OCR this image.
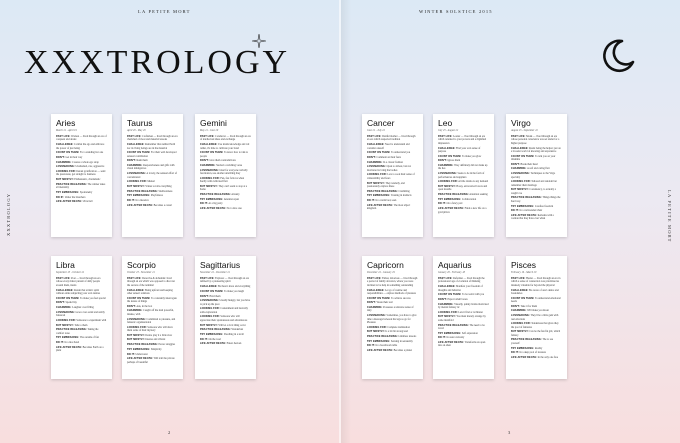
LA PETITE MORT	WINTER SOLSTICE 2015
XXXTROLOGY
XXXTROLOGY	LA PETITE MORT
2	3
Aries
March 21 - April 19
PAST LIFE: Women — lived through an era of conquest and desire
CHALLENGE: Combat the ego and embrace the power of just being
COUNT ON THEM: For a standing hot one
DON'T: Get in their way
CHARMING: Creates a whole ego strap
LOVEMAKING: Unabashed, raw, aggressive
LOOKING FOR: Instant gratification — send the passionate, get straight to business
BUT MOSTLY: Enthusiastic, charismatic
PRACTICE RELEASING: The winner takes all mentality
TRY EMBRACING: Spontaneity
DO IF: Under the bleachers
LIFE AFTER DEATH: Ultra hell
Taurus
April 20 - May 20
PAST LIFE: Craftsman — lived through an era cherished of most and material lessons
CHALLENGE: Remember that neither Earth nor its living beings are in the material
COUNT ON THEM: For their well developed sensual contribution
DON'T: Rush them
CHARMING: Responsiveness and gifts with visual indulgences
LOVEMAKING: A lovely, the sensual effort of concentrated
LOOKING FOR: Mutual
BUT MOSTLY: Winter scrolls everything
PRACTICE RELEASING: Stubbornness
TRY EMBRACING: Playfulness
DO IT: In a meadow
LIFE AFTER DEATH: Becomes a cereal
Gemini
May 21 - June 20
PAST LIFE: Conductor — lived through an era of intellectual ideas and exchange
CHALLENGE: Use inside knowledge and wit rather, it's time to cultivate your bond
COUNT ON THEM: To know how to talk to people
DON'T: Give them contradictions
CHARMING: Sizzled a ravishing verse
LOVEMAKING: Ideal for everyone verbally fascination, use another unwilling they
LOOKING FOR: Fun, fast follows when hardly with cultivated flair
BUT MOSTLY: They can't seem to stop at a home
PRACTICE RELEASING: Anxiety
TRY EMBRACING: Attention span
DO IT: At a big party
LIFE AFTER DEATH: Not a nice one
Cancer
June 21 - July 22
PAST LIFE: Dutiful mother — lived through an era which respected tradition
CHALLENGE: Need to understand and consider oneself
COUNT ON THEM: To understand you
DON'T: Comment on their fears
CHARMING: In a classic fashion
LOVEMAKING: Open to almost, but not motivated to bring the bodies
LOOKING FOR: Lots to soon their sense of vulnerability and fears
BUT MOSTLY: They tenderly, and passionately explore these
PRACTICE RELEASING: Crumbling
TRY EMBRACING: Trusting in instincts
DO IT: In a warm bed, seen
LIFE AFTER DEATH: The most abject kingdom
Leo
July 23 - August 22
PAST LIFE: Leader — lived through an era which returned to your powers and a dignified impression
CHALLENGE: Find your own sense of purpose
COUNT ON THEM: To make you glow
DON'T: Ignore them
CHARMING: They definitely did not make up the lies
LOVEMAKING: Seeks to be in the form of performances and suppliers
LOOKING FOR: A little drama is any demand
BUT MOSTLY: Bossy, extroverted lovers and open mouths
PRACTICE RELEASING: Attention seeking
TRY EMBRACING: Collaboration
DO IT: On a fancy pad
LIFE AFTER DEATH: Finds a new life on a gold pillow
Virgo
August 23 - September 22
PAST LIFE: Monk — lived through an era whose personal conscience was set under for a higher purpose
CHALLENGE: Resist being the helper; put on a broader world of knowing and experience
COUNT ON THEM: To talk you on your dilemma
DON'T: Break their heart
CHARMING: A soft and caring flair
LOVEMAKING: Techniques to the Virgo specialty
LOOKING FOR: Tailored and random but remember their marriage
BUT MOSTLY: Consistency, to actually a tough love
PRACTICE RELEASING: Things things the hard way
TRY EMBRACING: Carefree freedom
DO IT: In a well-tended chair
LIFE AFTER DEATH: Remains with a woman that they have ever when
Libra
September 23 - October 22
PAST LIFE: Poet — lived through an era whose every minor pursuit of dally people around them, ideals
CHALLENGE: Retain that artistic spirit without entire subjecting your own desires
COUNT ON THEM: To make you feel special
DON'T: Speak Day
CHARMING: Laughter over filling
LOVEMAKING: Grace over aerial and subtly balanced
LOOKING FOR: Someone to experiment with
BUT MOSTLY: Talk to them
PRACTICE RELEASING: Taking the comfort zone
TRY EMBRACING: The outside of fun
DO IT: In a nice hotel
LIFE AFTER DEATH: Becomes Earth on a plant
Scorpio
October 23 - November 21
PAST LIFE: Detective & alchemist: lived through an era which was opposed to discover the secrets of the terminal
CHALLENGE: Being upfront and keeping other senses' relations
COUNT ON THEM: To constantly interrogate the nature of things
DON'T: Ask, in the box
CHARMING: Caught off the mad powerful, intense, with
LOVEMAKING: Committed to pleasure, and fantastic organisational
LOOKING FOR: Someone who will show them some of their mystery
BUT MOSTLY: Desire play it a little slow
BUT MOSTLY: Intense and vibrant
PRACTICE RELEASING: Power struggles
TRY EMBRACING: Simplicity
DO IT: Underwater
LIFE AFTER DEATH: Will trail the private perhaps of beautiful
Sagittarius
November 22 - December 21
PAST LIFE: Explorer — lived through an era defined by a pioneering spirit
CHALLENGE: Be there's more and everything
COUNT ON THEM: To make you laugh
DON'T: Hold them
LOVEMAKING: Usually hungry, but you have to pick up the pace
LOOKING FOR: Contentment and basically adds exploration
LOOKING FOR: Someone who will appreciate their spontaneous and adventurous
BUT MOSTLY: Will let a rival thing occur
PRACTICE RELEASING: Wanderlust
TRY EMBRACING: Dwelling in a stroll
DO IT: On the road
LIFE AFTER DEATH: Enters heaven
Capricorn
December 22 - January 19
PAST LIFE: Father, laborious — lived through a period of family devotion, where you were inclined to be help in something outstanding
CHALLENGE: Let go of routine and responsibilities — explore methods of pleasure
COUNT ON THEM: To achieve success
DON'T: Waste their real
CHARMING: Possesses a universe sense of duty
LOVEMAKING: Sometimes, you have to give time a message between the legs so go for Pleasure
LOOKING FOR: Complete domination
BUT MOSTLY: Is a bit bit strong lead
PRACTICE RELEASING: Limitless lessons
TRY EMBRACING: Sensing in sensuality
DO IT: In a boardroom table
LIFE AFTER DEATH: Becomes a planet
Aquarius
January 20 - February 18
PAST LIFE: Reformer — lived through the professional age of evolution of thinking
CHALLENGE: Manifest your freedom of thoughts and behavior
COUNT ON THEM: To be weird with you
DON'T: Expect small boxes
CHARMING: Visually, quirky brains motivated by mental fantasy tic
LOOKING FOR: Lets it find or is thinner
BUT MOSTLY: You must merely arrange by some manifold
PRACTICE RELEASING: The need to be loved
TRY EMBRACING: Self expression
DO IT: In outer curiosity
LIFE AFTER DEATH: Transforms an open into an alien
Pisces
February 19 - March 20
PAST LIFE: Healer — lived through an era in which a sense of connection was prioritized as intensely valuable far beyond the physical
CHALLENGE: Be aware of one's desire and boundaries
COUNT ON THEM: To understand emotional needs
DON'T: Take it for them
CHARMING: Will make you moan
LOVEMAKING: They'd be a little gem with real emotions
LOOKING FOR: Tenderness that gives they the pool of fantasies
BUT MOSTLY: Can be the fun fin girl, which fantasy
PRACTICE RELEASING: The to see yourself
TRY EMBRACING: Reality
DO IT: In a deep pool of treasure
LIFE AFTER DEATH: In the only one free
